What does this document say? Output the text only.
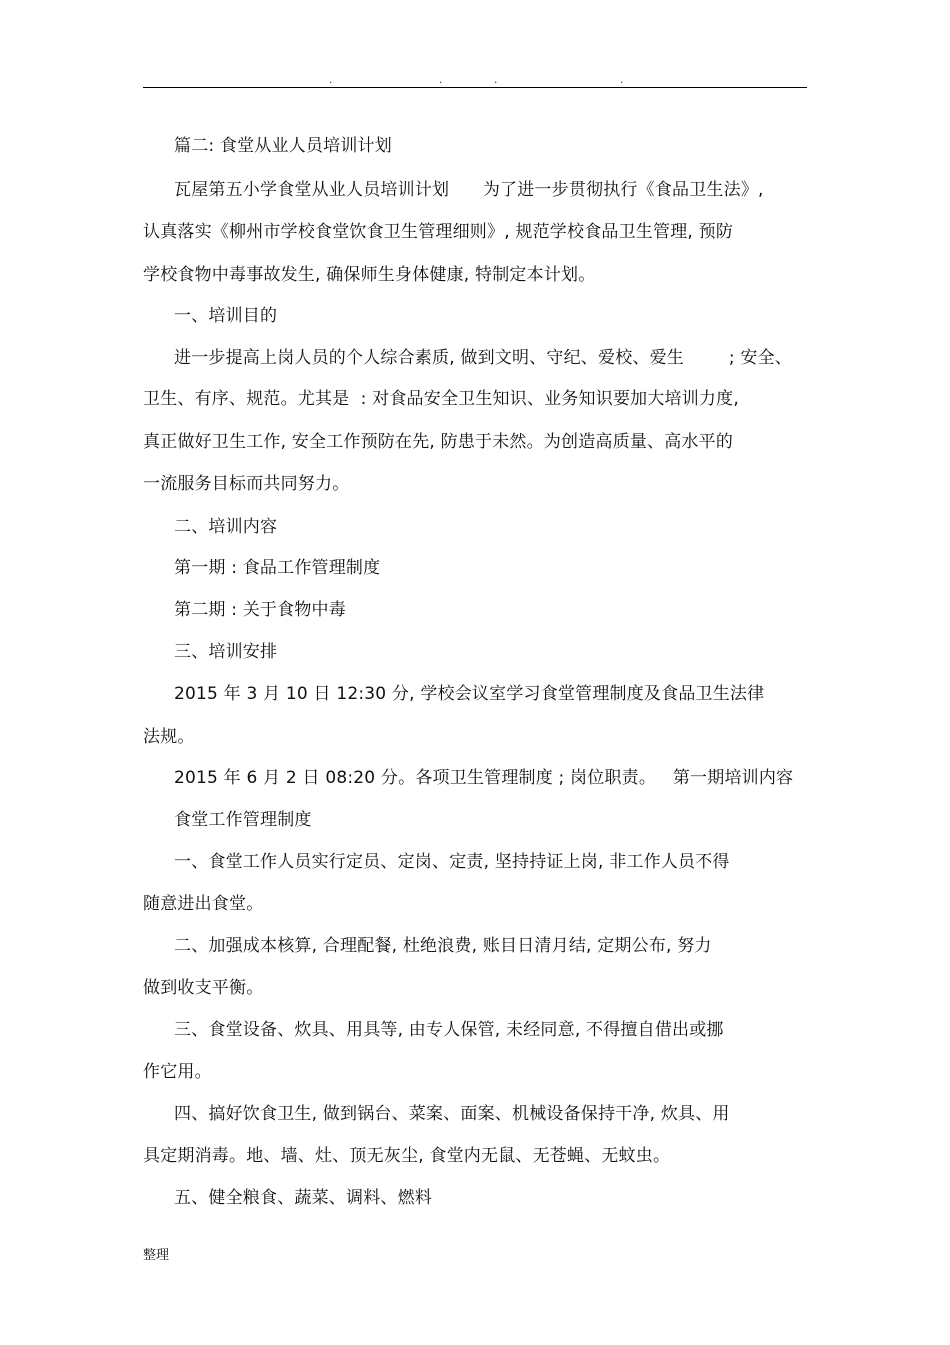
.	.	.	.
篇二: 食堂从业人员培训计划
瓦屋第五小学食堂从业人员培训计划      为了进一步贯彻执行《食品卫生法》,
认真落实《柳州市学校食堂饮食卫生管理细则》, 规范学校食品卫生管理, 预防
学校食物中毒事故发生, 确保师生身体健康, 特制定本计划。
一、培训目的
进一步提高上岗人员的个人综合素质, 做到文明、守纪、爱校、爱生        ; 安全、
卫生、有序、规范。尤其是  : 对食品安全卫生知识、业务知识要加大培训力度,
真正做好卫生工作, 安全工作预防在先, 防患于未然。为创造高质量、高水平的
一流服务目标而共同努力。
二、培训内容
第一期 : 食品工作管理制度
第二期 : 关于食物中毒
三、培训安排
2015 年 3 月 10 日 12:30 分, 学校会议室学习食堂管理制度及食品卫生法律
法规。
2015 年 6 月 2 日 08:20 分。各项卫生管理制度 ; 岗位职责。   第一期培训内容
食堂工作管理制度
一、食堂工作人员实行定员、定岗、定责, 坚持持证上岗, 非工作人员不得
随意进出食堂。
二、加强成本核算, 合理配餐, 杜绝浪费, 账目日清月结, 定期公布, 努力
做到收支平衡。
三、食堂设备、炊具、用具等, 由专人保管, 未经同意, 不得擅自借出或挪
作它用。
四、搞好饮食卫生, 做到锅台、菜案、面案、机械设备保持干净, 炊具、用
具定期消毒。地、墙、灶、顶无灰尘, 食堂内无鼠、无苍蝇、无蚊虫。
五、健全粮食、蔬菜、调料、燃料
整理
